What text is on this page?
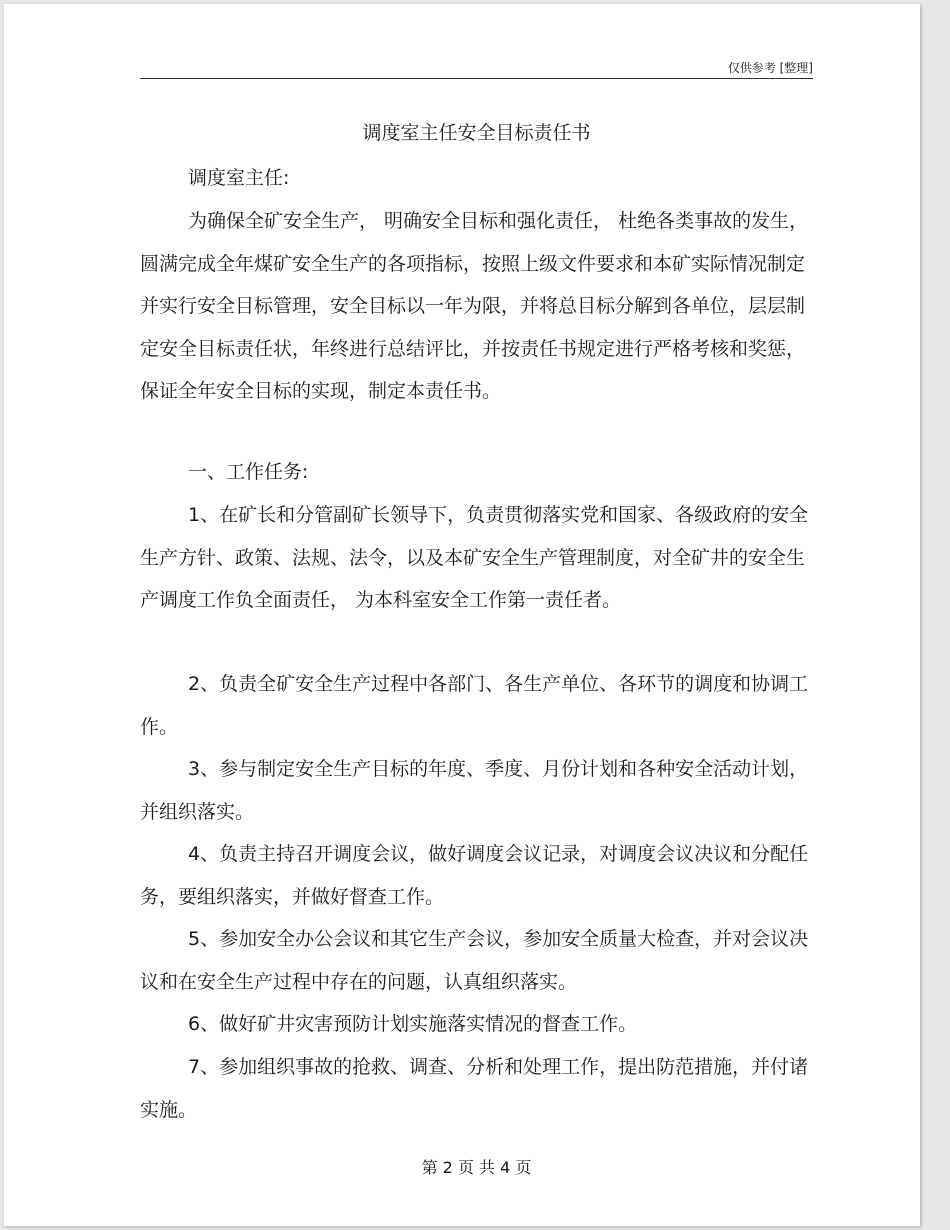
仅供参考 [整理]
调度室主任安全目标责任书

调度室主任:

为确保全矿安全生产， 明确安全目标和强化责任， 杜绝各类事故的发生，圆满完成全年煤矿安全生产的各项指标，按照上级文件要求和本矿实际情况制定并实行安全目标管理，安全目标以一年为限，并将总目标分解到各单位，层层制定安全目标责任状，年终进行总结评比，并按责任书规定进行严格考核和奖惩，保证全年安全目标的实现，制定本责任书。

一、工作任务:

1、在矿长和分管副矿长领导下，负责贯彻落实党和国家、各级政府的安全生产方针、政策、法规、法令，以及本矿安全生产管理制度，对全矿井的安全生产调度工作负全面责任， 为本科室安全工作第一责任者。

2、负责全矿安全生产过程中各部门、各生产单位、各环节的调度和协调工作。

3、参与制定安全生产目标的年度、季度、月份计划和各种安全活动计划，并组织落实。

4、负责主持召开调度会议，做好调度会议记录，对调度会议决议和分配任务，要组织落实，并做好督查工作。

5、参加安全办公会议和其它生产会议，参加安全质量大检查，并对会议决议和在安全生产过程中存在的问题，认真组织落实。

6、做好矿井灾害预防计划实施落实情况的督查工作。

7、参加组织事故的抢救、调查、分析和处理工作，提出防范措施，并付诸实施。

第 2 页 共 4 页
